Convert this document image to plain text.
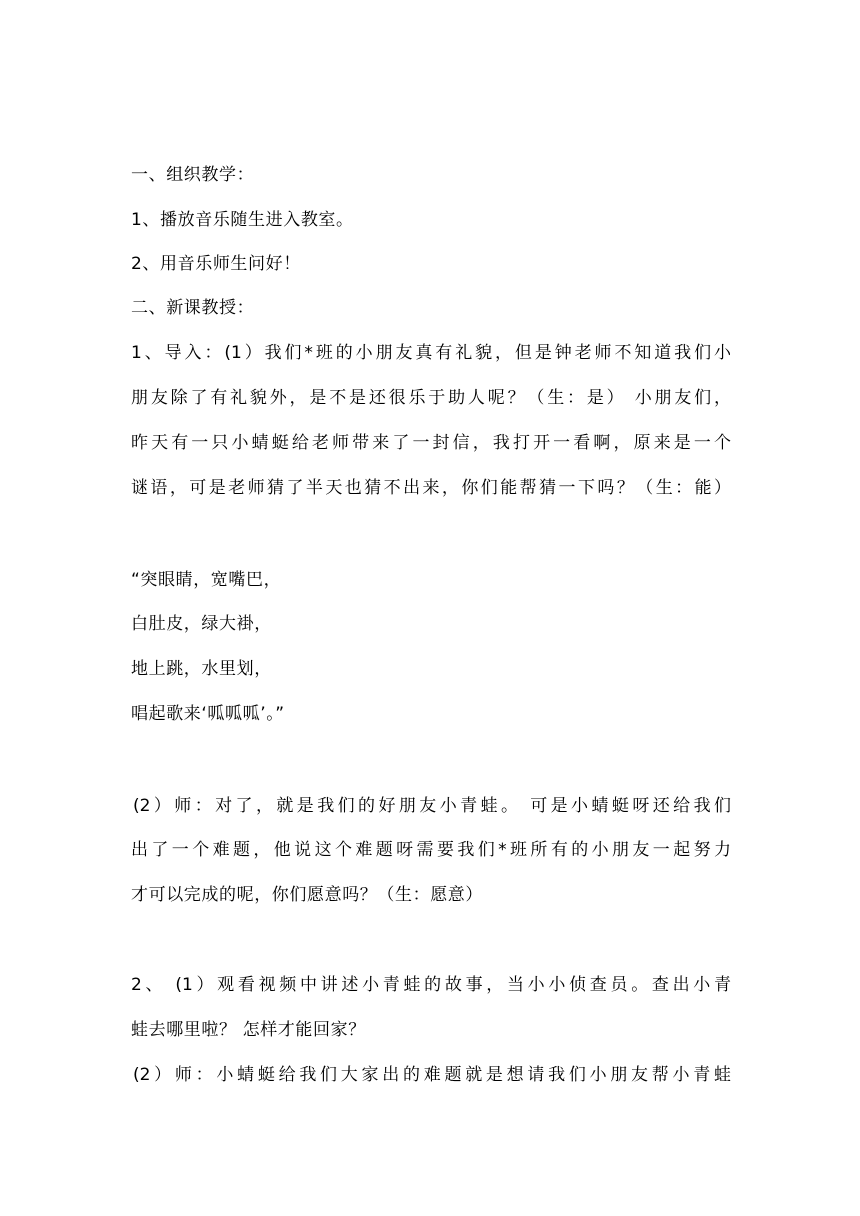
一、组织教学：
1、播放音乐随生进入教室。
2、用音乐师生问好！
二、新课教授：
1、导入：(1）我们*班的小朋友真有礼貌，但是钟老师不知道我们小
朋友除了有礼貌外，是不是还很乐于助人呢？（生：是） 小朋友们，
昨天有一只小蜻蜓给老师带来了一封信，我打开一看啊，原来是一个
谜语，可是老师猜了半天也猜不出来，你们能帮猜一下吗？（生：能）
“突眼睛，宽嘴巴，
白肚皮，绿大褂，
地上跳，水里划，
唱起歌来‘呱呱呱’。”
(2）师：对了，就是我们的好朋友小青蛙。 可是小蜻蜓呀还给我们
出了一个难题，他说这个难题呀需要我们*班所有的小朋友一起努力
才可以完成的呢，你们愿意吗？（生：愿意）
2、 (1）观看视频中讲述小青蛙的故事，当小小侦查员。查出小青
蛙去哪里啦？ 怎样才能回家？
(2）师：小蜻蜓给我们大家出的难题就是想请我们小朋友帮小青蛙
